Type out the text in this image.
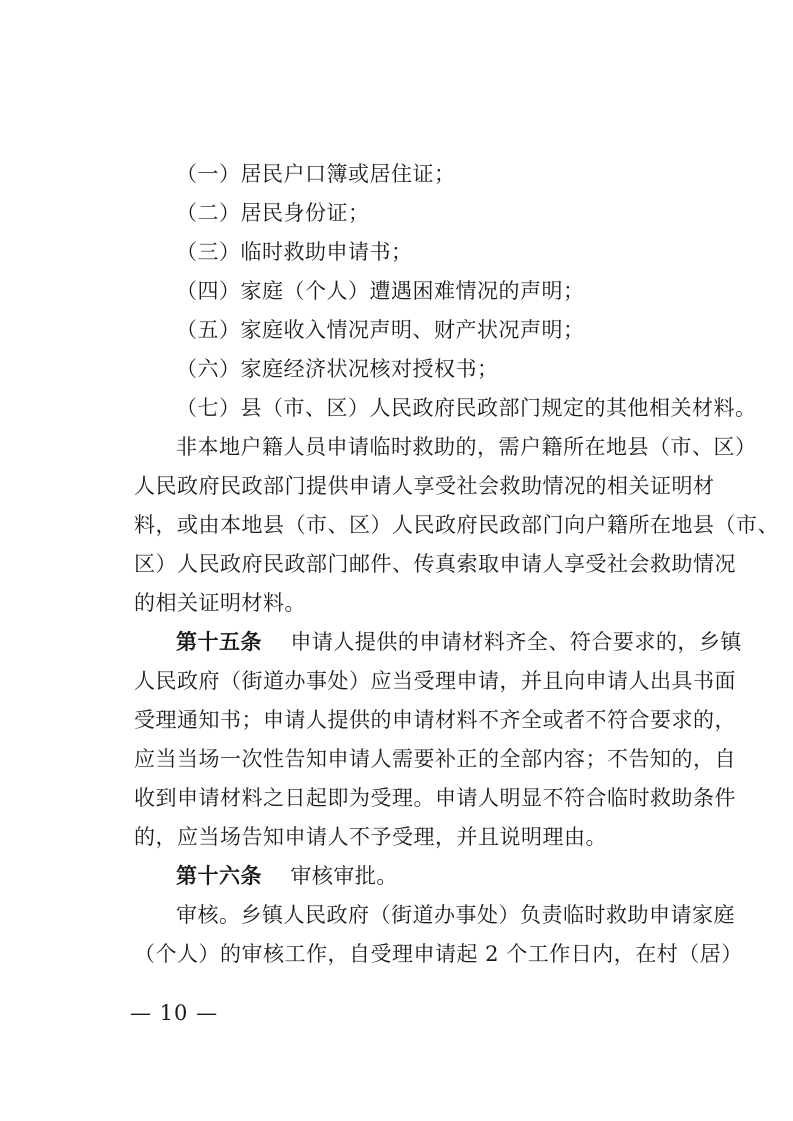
（一）居民户口簿或居住证；
（二）居民身份证；
（三）临时救助申请书；
（四）家庭（个人）遭遇困难情况的声明；
（五）家庭收入情况声明、财产状况声明；
（六）家庭经济状况核对授权书；
（七）县（市、区）人民政府民政部门规定的其他相关材料。
非本地户籍人员申请临时救助的，需户籍所在地县（市、区）
人民政府民政部门提供申请人享受社会救助情况的相关证明材
料，或由本地县（市、区）人民政府民政部门向户籍所在地县（市、
区）人民政府民政部门邮件、传真索取申请人享受社会救助情况
的相关证明材料。
第十五条 申请人提供的申请材料齐全、符合要求的，乡镇
人民政府（街道办事处）应当受理申请，并且向申请人出具书面
受理通知书；申请人提供的申请材料不齐全或者不符合要求的，
应当当场一次性告知申请人需要补正的全部内容；不告知的，自
收到申请材料之日起即为受理。申请人明显不符合临时救助条件
的，应当场告知申请人不予受理，并且说明理由。
第十六条 审核审批。
审核。乡镇人民政府（街道办事处）负责临时救助申请家庭
（个人）的审核工作，自受理申请起 2 个工作日内，在村（居）
— 10 —
